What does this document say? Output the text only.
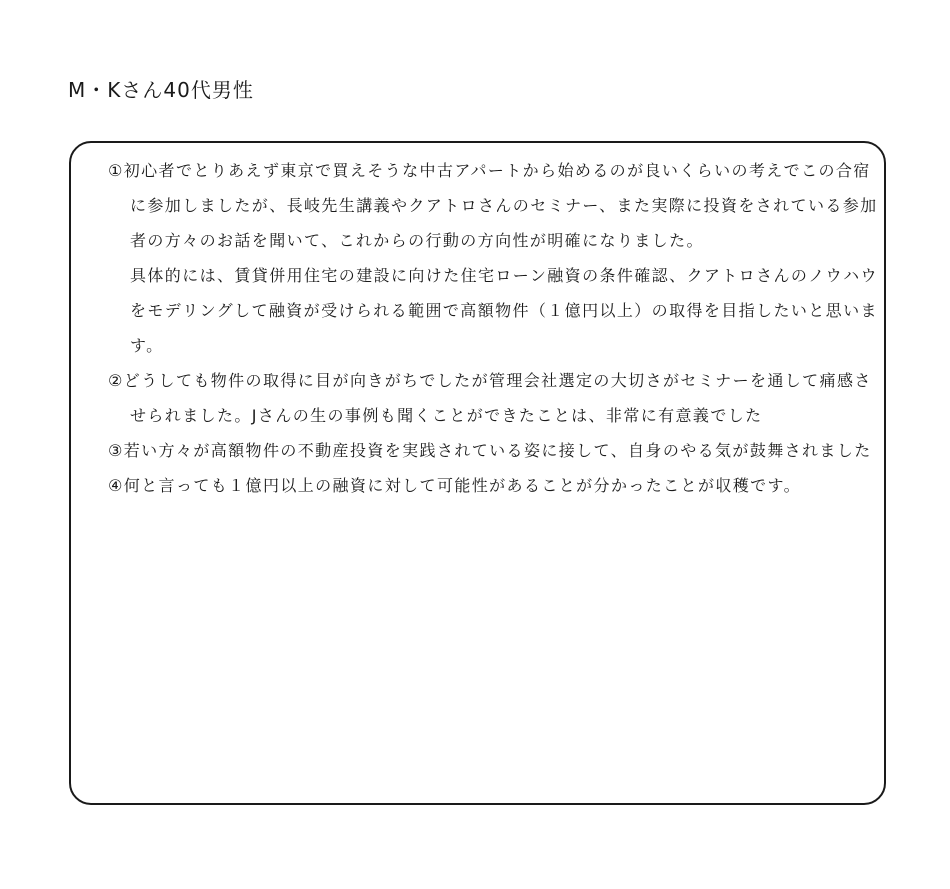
M・Kさん40代男性

①初心者でとりあえず東京で買えそうな中古アパートから始めるのが良いくらいの考えでこの合宿に参加しましたが、長岐先生講義やクアトロさんのセミナー、また実際に投資をされている参加者の方々のお話を聞いて、これからの行動の方向性が明確になりました。

具体的には、賃貸併用住宅の建設に向けた住宅ローン融資の条件確認、クアトロさんのノウハウをモデリングして融資が受けられる範囲で高額物件（１億円以上）の取得を目指したいと思います。

②どうしても物件の取得に目が向きがちでしたが管理会社選定の大切さがセミナーを通して痛感させられました。Jさんの生の事例も聞くことができたことは、非常に有意義でした

③若い方々が高額物件の不動産投資を実践されている姿に接して、自身のやる気が鼓舞されました

④何と言っても１億円以上の融資に対して可能性があることが分かったことが収穫です。
